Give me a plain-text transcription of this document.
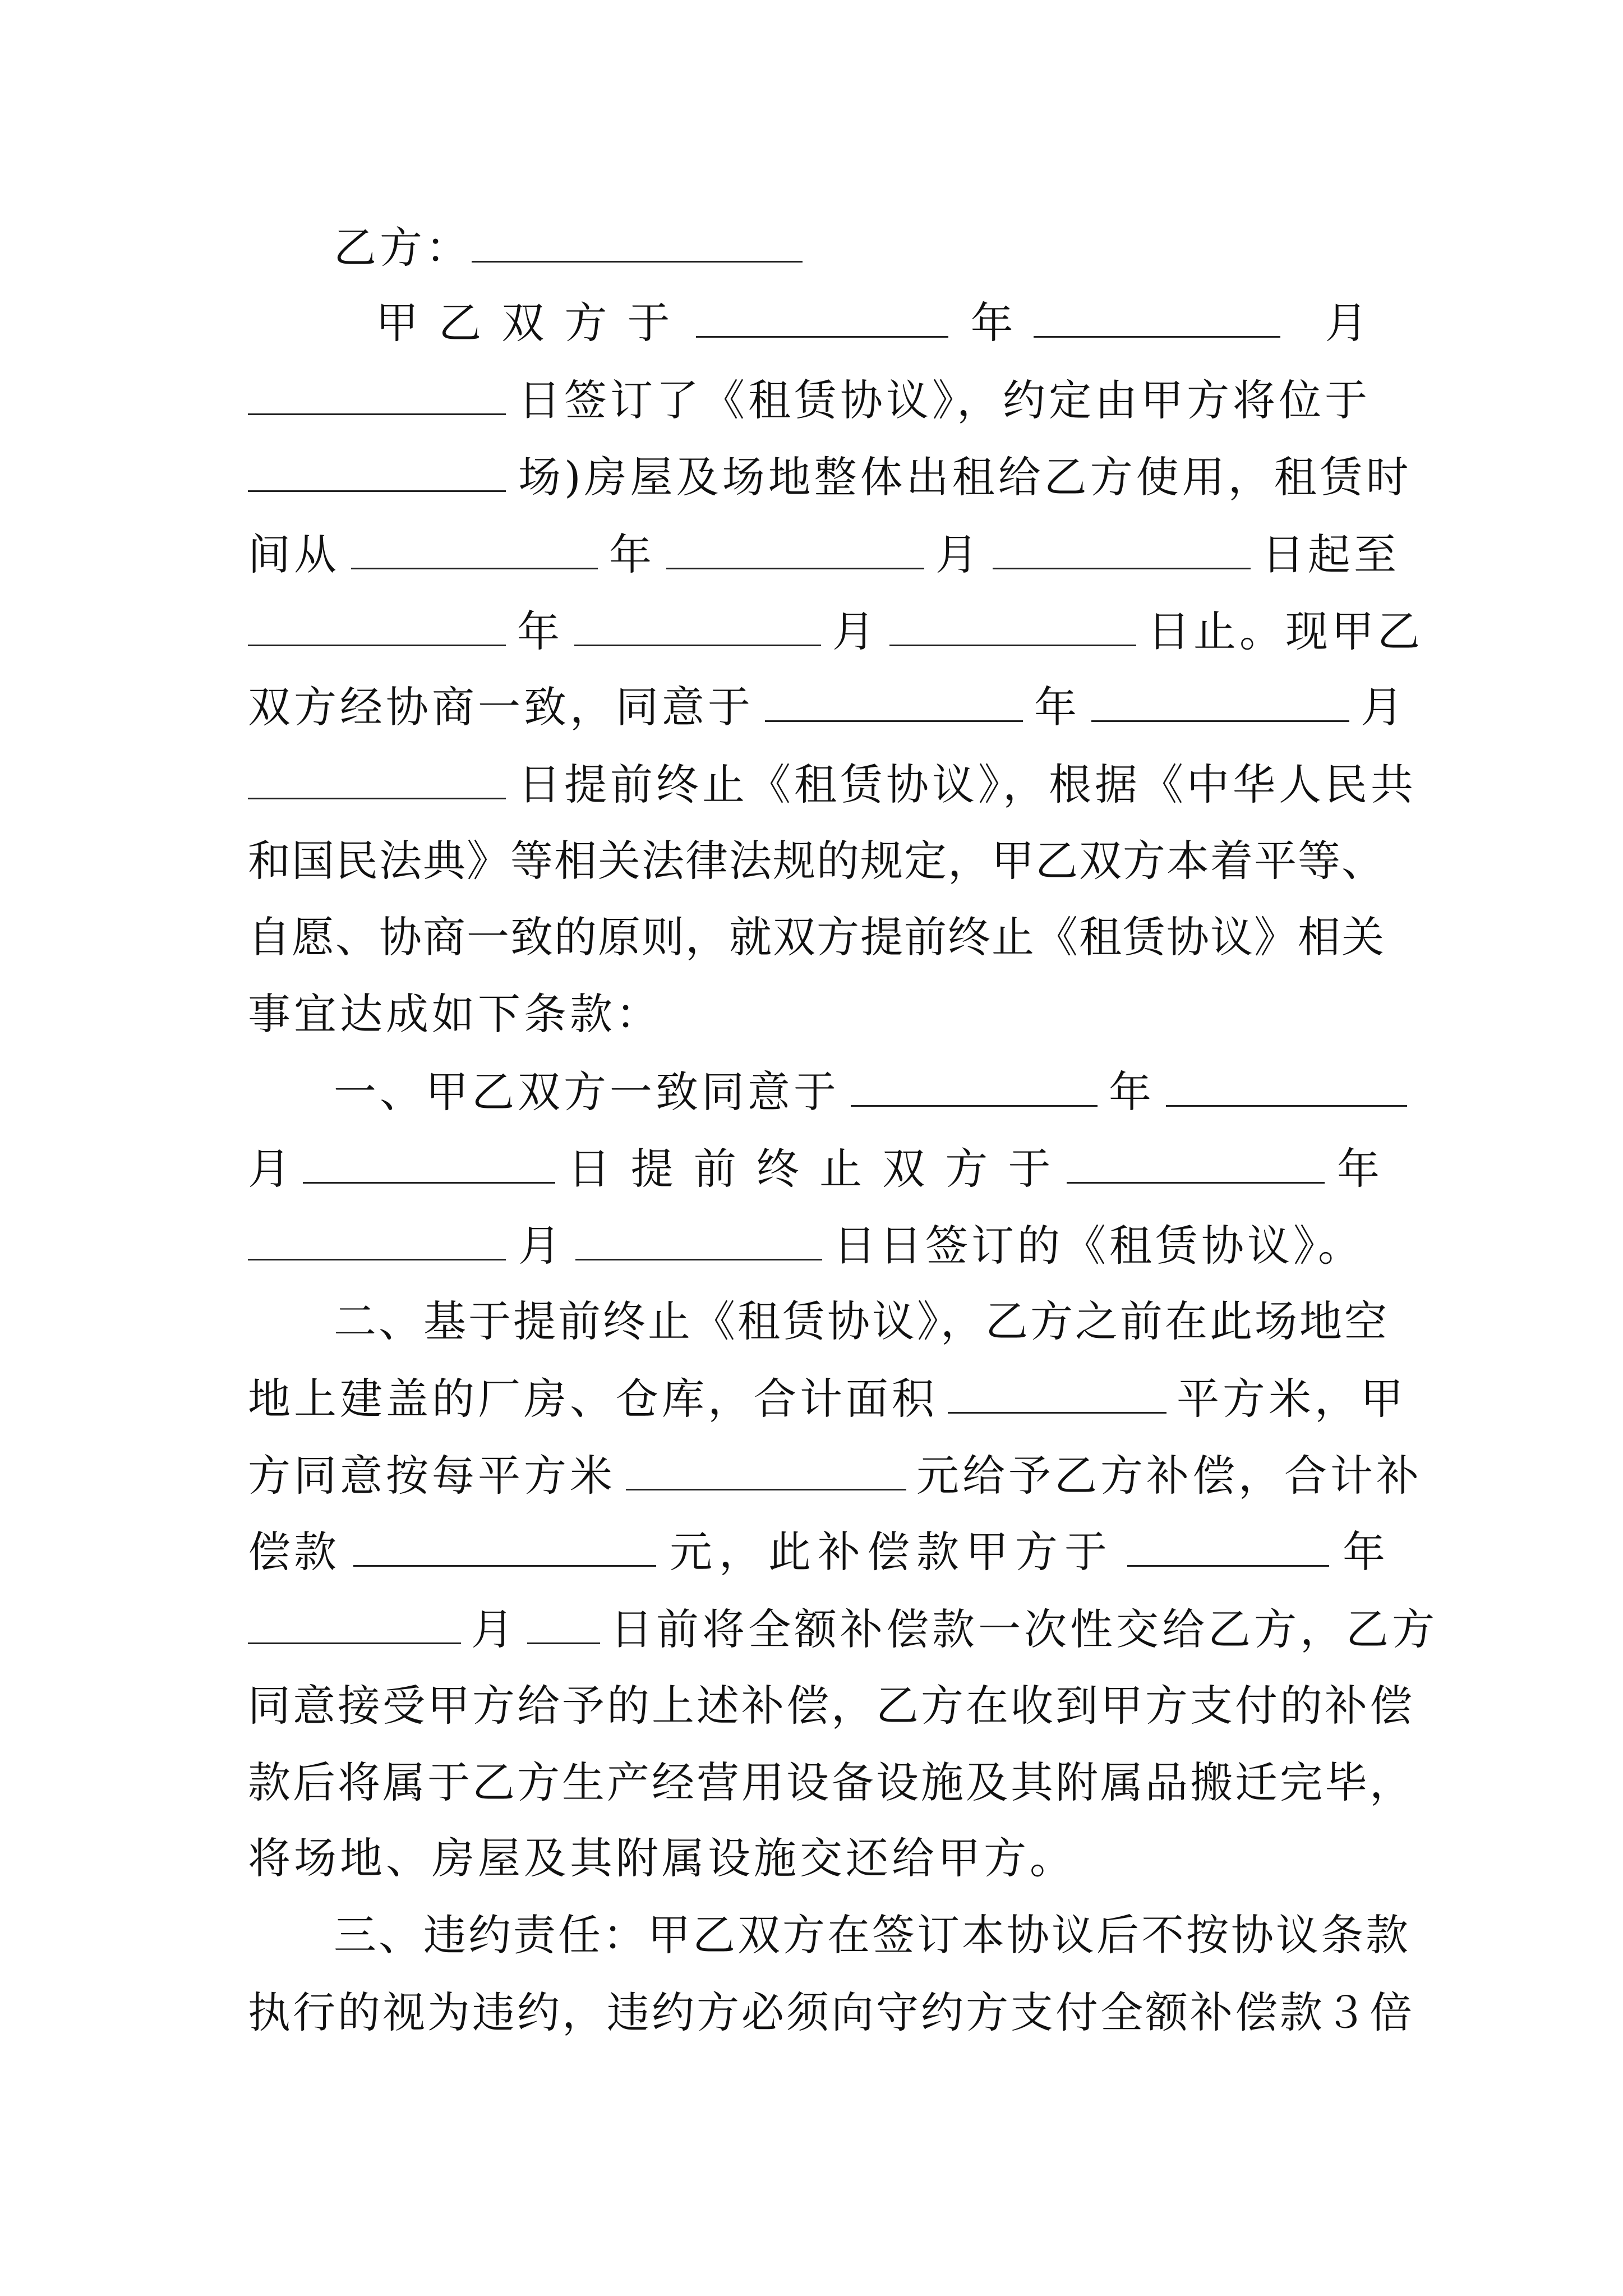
乙方：
甲 乙 双 方 于	年	月
日签订了《租赁协议》，约定由甲方将位于
场)房屋及场地整体出租给乙方使用，租赁时
间从	年	月	日起至
年	月	日止。现甲乙
双方经协商一致，同意于	年	月
日提前终止《租赁协议》，根据《中华人民共
和国民法典》等相关法律法规的规定，甲乙双方本着平等、
自愿、协商一致的原则，就双方提前终止《租赁协议》相关
事宜达成如下条款：
一、甲乙双方一致同意于	年
月	日 提 前 终 止 双 方 于	年
月	日日签订的《租赁协议》。
二、基于提前终止《租赁协议》，乙方之前在此场地空
地上建盖的厂房、仓库，合计面积	平方米，甲
方同意按每平方米	元给予乙方补偿，合计补
偿款	元，此补偿款甲方于	年
月 日前将全额补偿款一次性交给乙方，乙方
同意接受甲方给予的上述补偿，乙方在收到甲方支付的补偿
款后将属于乙方生产经营用设备设施及其附属品搬迁完毕，
将场地、房屋及其附属设施交还给甲方。
三、违约责任：甲乙双方在签订本协议后不按协议条款
执行的视为违约，违约方必须向守约方支付全额补偿款３倍
